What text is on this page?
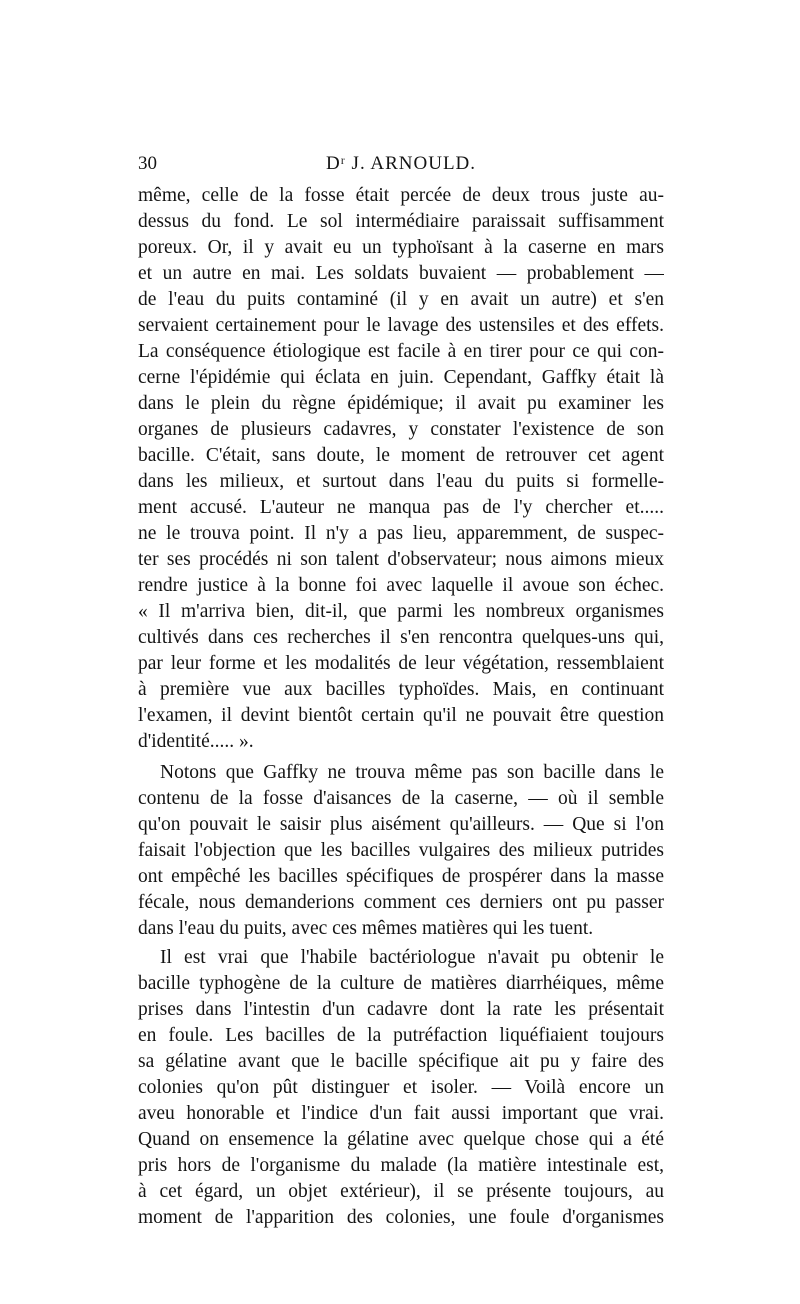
30	Dʳ J. ARNOULD.
même, celle de la fosse était percée de deux trous juste au-
dessus du fond. Le sol intermédiaire paraissait suffisamment
poreux. Or, il y avait eu un typhoïsant à la caserne en mars
et un autre en mai. Les soldats buvaient — probablement —
de l'eau du puits contaminé (il y en avait un autre) et s'en
servaient certainement pour le lavage des ustensiles et des effets.
La conséquence étiologique est facile à en tirer pour ce qui con-
cerne l'épidémie qui éclata en juin. Cependant, Gaffky était là
dans le plein du règne épidémique; il avait pu examiner les
organes de plusieurs cadavres, y constater l'existence de son
bacille. C'était, sans doute, le moment de retrouver cet agent
dans les milieux, et surtout dans l'eau du puits si formelle-
ment accusé. L'auteur ne manqua pas de l'y chercher et.....
ne le trouva point. Il n'y a pas lieu, apparemment, de suspec-
ter ses procédés ni son talent d'observateur; nous aimons mieux
rendre justice à la bonne foi avec laquelle il avoue son échec.
« Il m'arriva bien, dit-il, que parmi les nombreux organismes
cultivés dans ces recherches il s'en rencontra quelques-uns qui,
par leur forme et les modalités de leur végétation, ressemblaient
à première vue aux bacilles typhoïdes. Mais, en continuant
l'examen, il devint bientôt certain qu'il ne pouvait être question
d'identité..... ».
Notons que Gaffky ne trouva même pas son bacille dans le
contenu de la fosse d'aisances de la caserne, — où il semble
qu'on pouvait le saisir plus aisément qu'ailleurs. — Que si l'on
faisait l'objection que les bacilles vulgaires des milieux putrides
ont empêché les bacilles spécifiques de prospérer dans la masse
fécale, nous demanderions comment ces derniers ont pu passer
dans l'eau du puits, avec ces mêmes matières qui les tuent.
Il est vrai que l'habile bactériologue n'avait pu obtenir le
bacille typhogène de la culture de matières diarrhéiques, même
prises dans l'intestin d'un cadavre dont la rate les présentait
en foule. Les bacilles de la putréfaction liquéfiaient toujours
sa gélatine avant que le bacille spécifique ait pu y faire des
colonies qu'on pût distinguer et isoler. — Voilà encore un
aveu honorable et l'indice d'un fait aussi important que vrai.
Quand on ensemence la gélatine avec quelque chose qui a été
pris hors de l'organisme du malade (la matière intestinale est,
à cet égard, un objet extérieur), il se présente toujours, au
moment de l'apparition des colonies, une foule d'organismes
